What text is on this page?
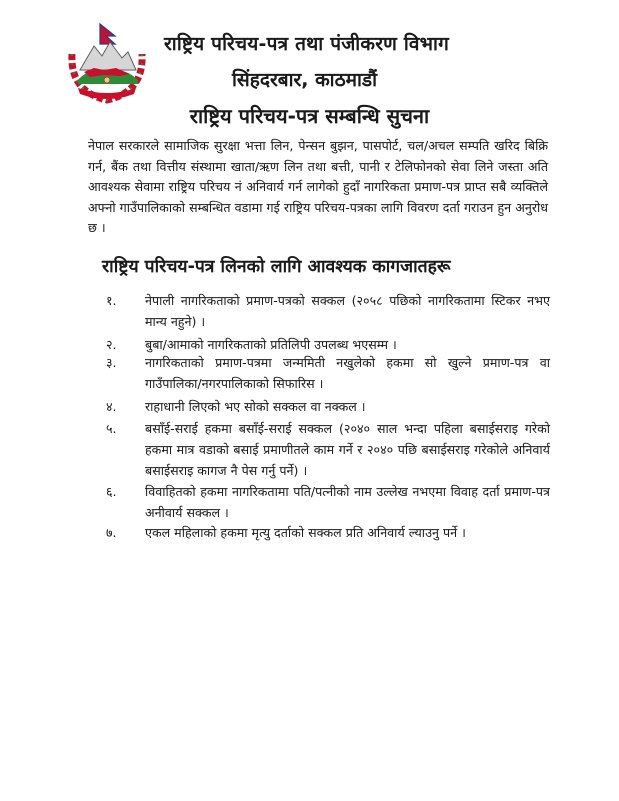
राष्ट्रिय परिचय-पत्र तथा पंजीकरण विभाग
सिंहदरबार, काठमाडौं
राष्ट्रिय परिचय-पत्र सम्बन्धि सुचना
नेपाल सरकारले सामाजिक सुरक्षा भत्ता लिन, पेन्सन बुझन, पासपोर्ट, चल/अचल सम्पति खरिद बिक्रि गर्न, बैंक तथा वित्तीय संस्थामा खाता/ऋण लिन तथा बत्ती, पानी र टेलिफोनको सेवा लिने जस्ता अति आवश्यक सेवामा राष्ट्रिय परिचय नं अनिवार्य गर्न लागेको हुदाँ नागरिकता प्रमाण-पत्र प्राप्त सबै व्यक्तिले अफ्नो गाउँपालिकाको सम्बन्धित वडामा गई राष्ट्रिय परिचय-पत्रका लागि विवरण दर्ता गराउन हुन अनुरोध छ ।
राष्ट्रिय परिचय-पत्र लिनको लागि आवश्यक कागजातहरू
१.	नेपाली नागरिकताको प्रमाण-पत्रको सक्कल (२०५८ पछिको नागरिकतामा स्टिकर नभए मान्य नहुने) ।
२.	बुबा/आमाको नागरिकताको प्रतिलिपी उपलब्ध भएसम्म ।
३.	नागरिकताको प्रमाण-पत्रमा जन्ममिती नखुलेको हकमा सो खुल्ने प्रमाण-पत्र वा गाउँपालिका/नगरपालिकाको सिफारिस ।
४.	राहाधानी लिएको भए सोको सक्कल वा नक्कल ।
५.	बसाँई-सराई हकमा बसाँई-सराई सक्कल (२०४० साल भन्दा पहिला बसाईसराइ गरेको हकमा मात्र वडाको बसाई प्रमाणीतले काम गर्ने र २०४० पछि बसाईसराइ गरेकोले अनिवार्य बसाईसराइ कागज नै पेस गर्नु पर्ने) ।
६.	विवाहितको हकमा नागरिकतामा पति/पत्नीको नाम उल्लेख नभएमा विवाह दर्ता प्रमाण-पत्र अनीवार्य सक्कल ।
७.	एकल महिलाको हकमा मृत्यु दर्ताको सक्कल प्रति अनिवार्य ल्याउनु पर्ने ।
